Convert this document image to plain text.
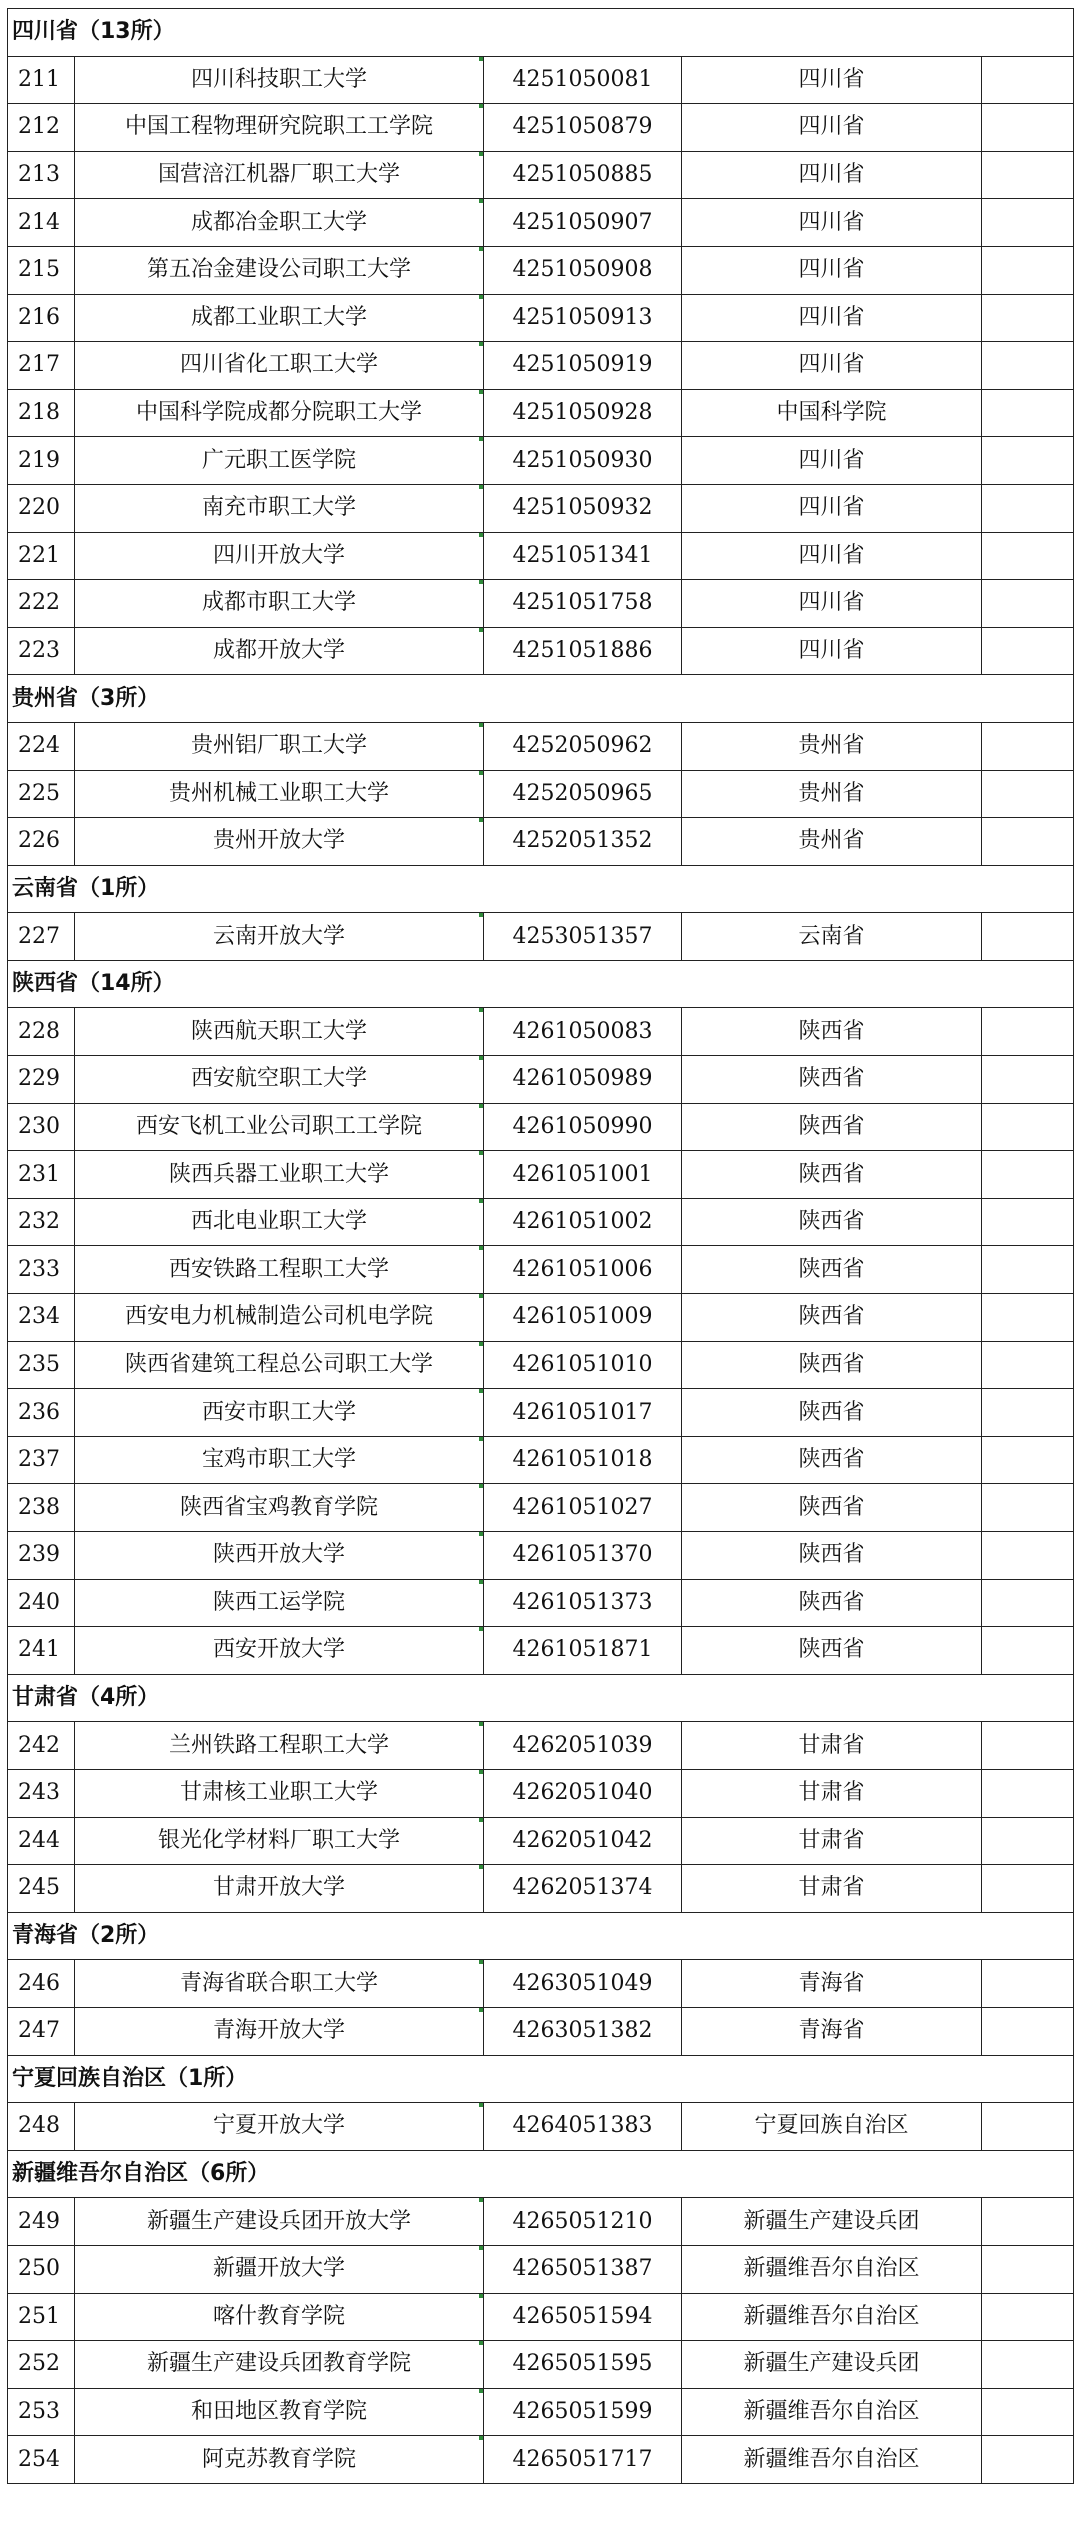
四川省（13所）				
211	四川科技职工大学	4251050081	四川省	
212	中国工程物理研究院职工工学院	4251050879	四川省	
213	国营涪江机器厂职工大学	4251050885	四川省	
214	成都冶金职工大学	4251050907	四川省	
215	第五冶金建设公司职工大学	4251050908	四川省	
216	成都工业职工大学	4251050913	四川省	
217	四川省化工职工大学	4251050919	四川省	
218	中国科学院成都分院职工大学	4251050928	中国科学院	
219	广元职工医学院	4251050930	四川省	
220	南充市职工大学	4251050932	四川省	
221	四川开放大学	4251051341	四川省	
222	成都市职工大学	4251051758	四川省	
223	成都开放大学	4251051886	四川省	
贵州省（3所）				
224	贵州铝厂职工大学	4252050962	贵州省	
225	贵州机械工业职工大学	4252050965	贵州省	
226	贵州开放大学	4252051352	贵州省	
云南省（1所）				
227	云南开放大学	4253051357	云南省	
陕西省（14所）				
228	陕西航天职工大学	4261050083	陕西省	
229	西安航空职工大学	4261050989	陕西省	
230	西安飞机工业公司职工工学院	4261050990	陕西省	
231	陕西兵器工业职工大学	4261051001	陕西省	
232	西北电业职工大学	4261051002	陕西省	
233	西安铁路工程职工大学	4261051006	陕西省	
234	西安电力机械制造公司机电学院	4261051009	陕西省	
235	陕西省建筑工程总公司职工大学	4261051010	陕西省	
236	西安市职工大学	4261051017	陕西省	
237	宝鸡市职工大学	4261051018	陕西省	
238	陕西省宝鸡教育学院	4261051027	陕西省	
239	陕西开放大学	4261051370	陕西省	
240	陕西工运学院	4261051373	陕西省	
241	西安开放大学	4261051871	陕西省	
甘肃省（4所）				
242	兰州铁路工程职工大学	4262051039	甘肃省	
243	甘肃核工业职工大学	4262051040	甘肃省	
244	银光化学材料厂职工大学	4262051042	甘肃省	
245	甘肃开放大学	4262051374	甘肃省	
青海省（2所）				
246	青海省联合职工大学	4263051049	青海省	
247	青海开放大学	4263051382	青海省	
宁夏回族自治区（1所）				
248	宁夏开放大学	4264051383	宁夏回族自治区	
新疆维吾尔自治区（6所）				
249	新疆生产建设兵团开放大学	4265051210	新疆生产建设兵团	
250	新疆开放大学	4265051387	新疆维吾尔自治区	
251	喀什教育学院	4265051594	新疆维吾尔自治区	
252	新疆生产建设兵团教育学院	4265051595	新疆生产建设兵团	
253	和田地区教育学院	4265051599	新疆维吾尔自治区	
254	阿克苏教育学院	4265051717	新疆维吾尔自治区	
